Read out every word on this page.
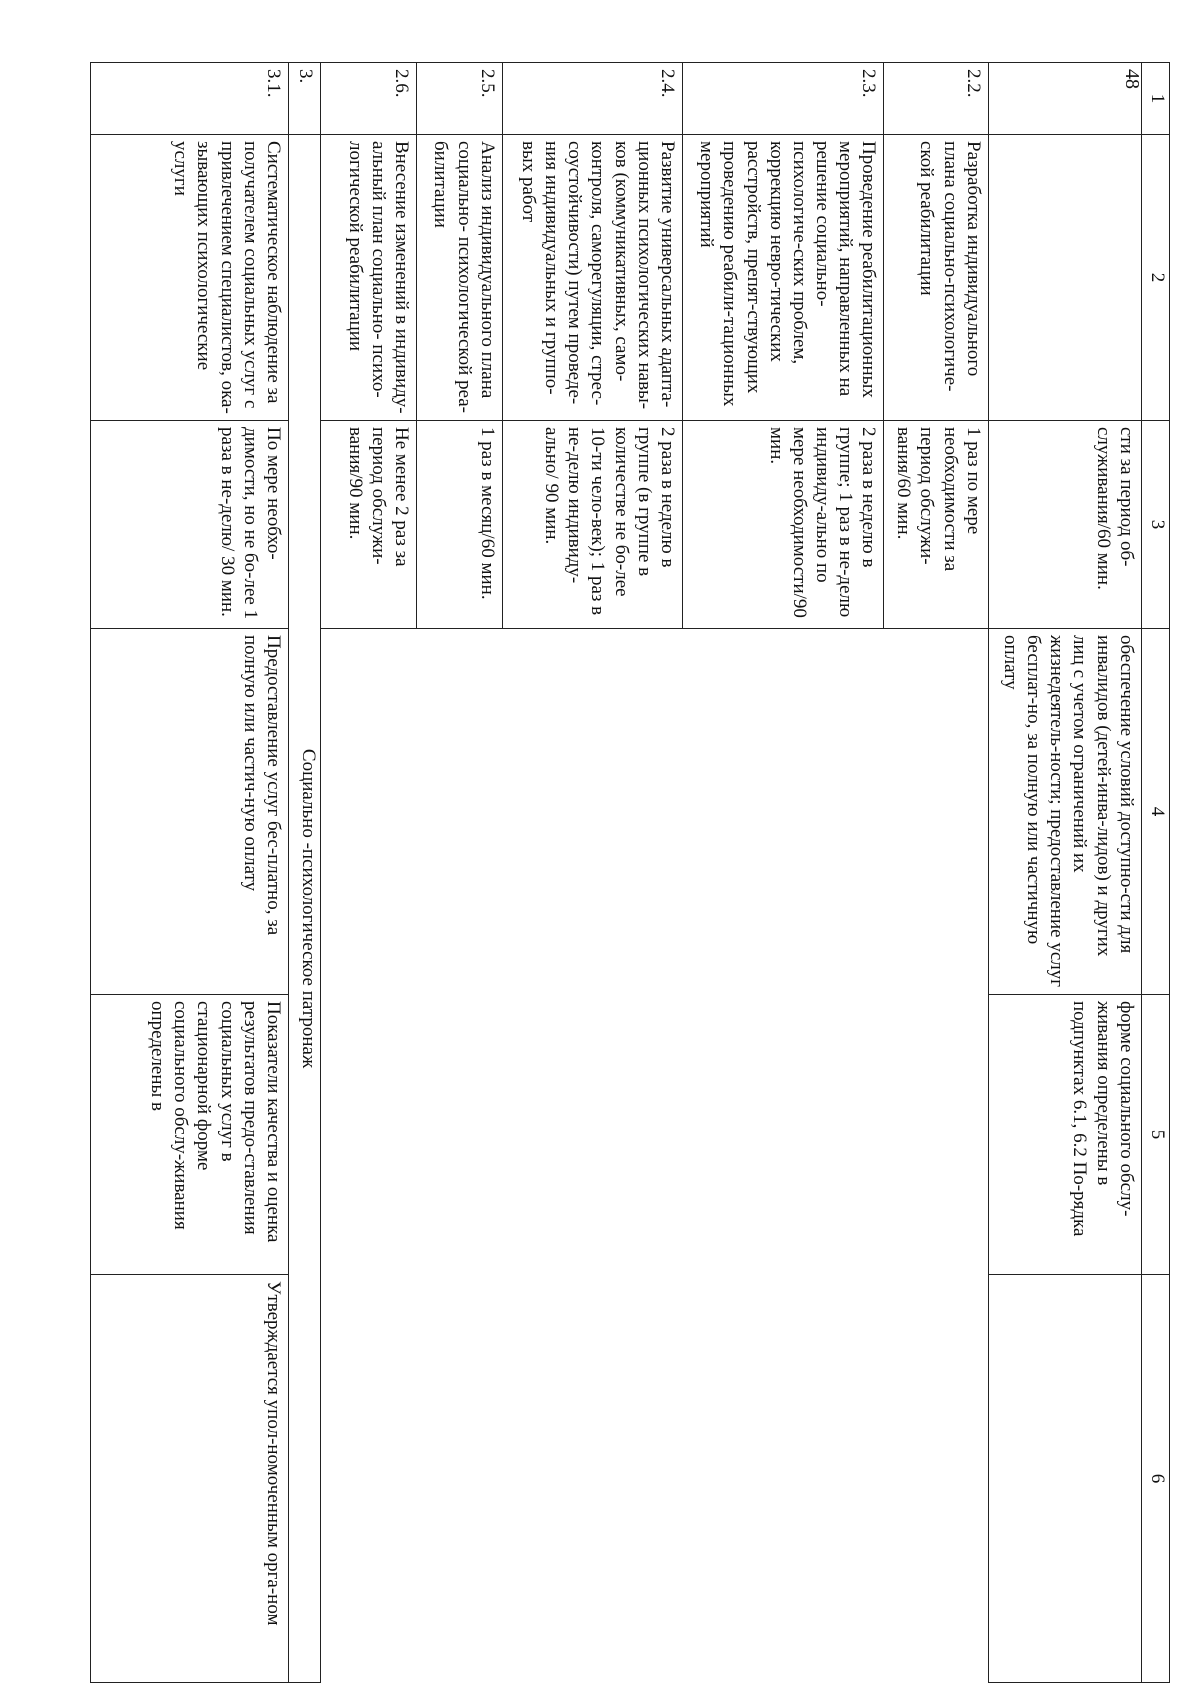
48
1	2	3	4	5	6
		сти за период об-служивания/60 мин.	обеспечение условий доступно-сти для инвалидов (детей-инва-лидов) и других лиц с учетом ограничений их жизнедеятель-ности; предоставление услуг бесплат-но, за полную или частичную оплату	форме социального обслу-живания определены в подпунктах 6.1, 6.2 По-рядка	
2.2.	Разработка индивидуального плана социально-психологиче-ской реабилитации	1 раз по мере необходимости за период обслужи-вания/60 мин.			
2.3.	Проведение реабилитационных мероприятий, направленных на решение социально-психологиче-ских проблем, коррекцию невро-тических расстройств, препят-ствующих проведению реабили-тационных мероприятий	2 раза в неделю в группе; 1 раз в не-делю индивиду-ально по мере необходимости/90 мин.			
2.4.	Развитие универсальных адапта-ционных психологических навы-ков (коммуникативных, само-контроля, саморегуляции, стрес-соустойчивости) путем проведе-ния индивидуальных и группо-вых работ	2 раза в неделю в группе (в группе в количестве не бо-лее 10-ти чело-век); 1 раз в не-делю индивиду-ально/ 90 мин.			
2.5.	Анализ индивидуального плана социально- психологической реа-билитации	1 раз в месяц/60 мин.			
2.6.	Внесение изменений в индивиду-альный план социально- психо-логической реабилитации	Не менее 2 раз за период обслужи-вания/90 мин.			
3.	Социально -психологическое патронаж				
3.1.	Систематическое наблюдение за получателем социальных услуг с привлечением специалистов, ока-зывающих психологические услуги	По мере необхо-димости, но не бо-лее 1 раза в не-делю/ 30 мин.	Предоставление услуг бес-платно, за полную или частич-ную оплату	Показатели качества и оценка результатов предо-ставления социальных услуг в стационарной форме социального обслу-живания определены в	Утверждается упол-номоченным орга-ном
